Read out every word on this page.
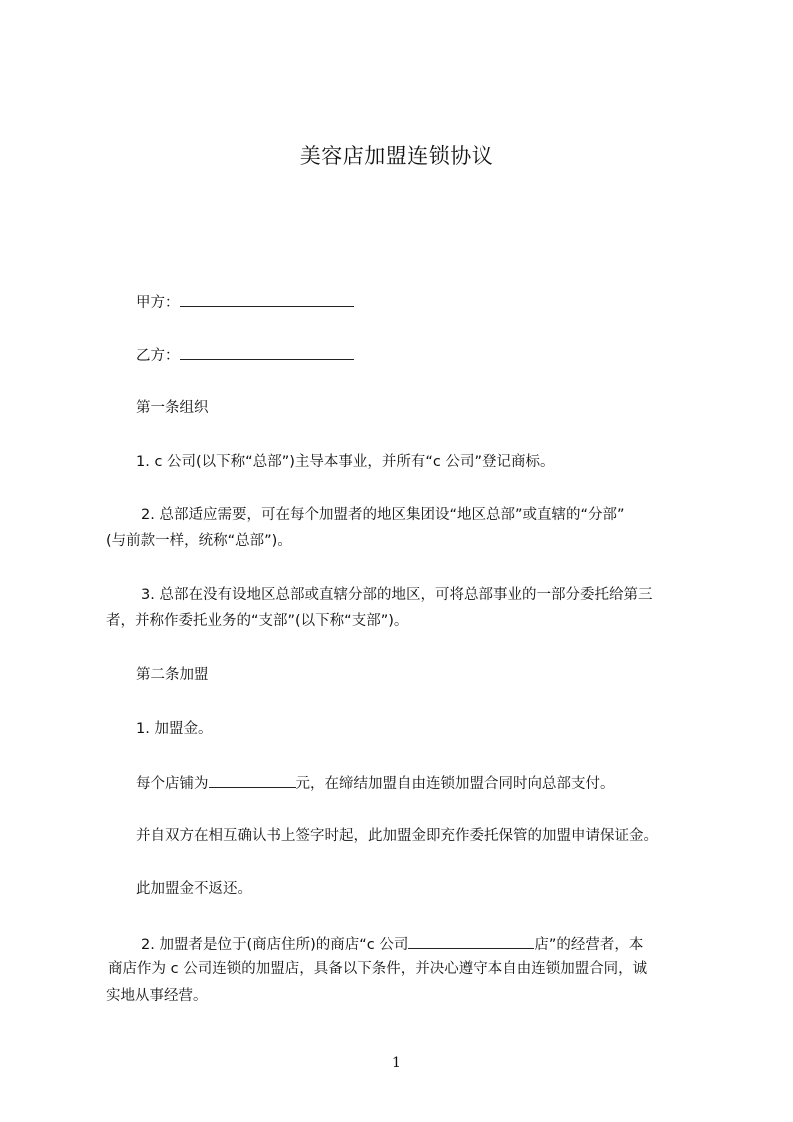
美容店加盟连锁协议

甲方：

乙方：

第一条组织

1. c 公司(以下称“总部”)主导本事业，并所有“c 公司”登记商标。

2. 总部适应需要，可在每个加盟者的地区集团设“地区总部”或直辖的“分部”

(与前款一样，统称“总部”)。

3. 总部在没有设地区总部或直辖分部的地区，可将总部事业的一部分委托给第三

者，并称作委托业务的“支部”(以下称“支部”)。

第二条加盟

1. 加盟金。

每个店铺为	元，在缔结加盟自由连锁加盟合同时向总部支付。

并自双方在相互确认书上签字时起，此加盟金即充作委托保管的加盟申请保证金。

此加盟金不返还。

2. 加盟者是位于(商店住所)的商店“c 公司	店”的经营者，本

商店作为 c 公司连锁的加盟店，具备以下条件，并决心遵守本自由连锁加盟合同，诚

实地从事经营。

1
